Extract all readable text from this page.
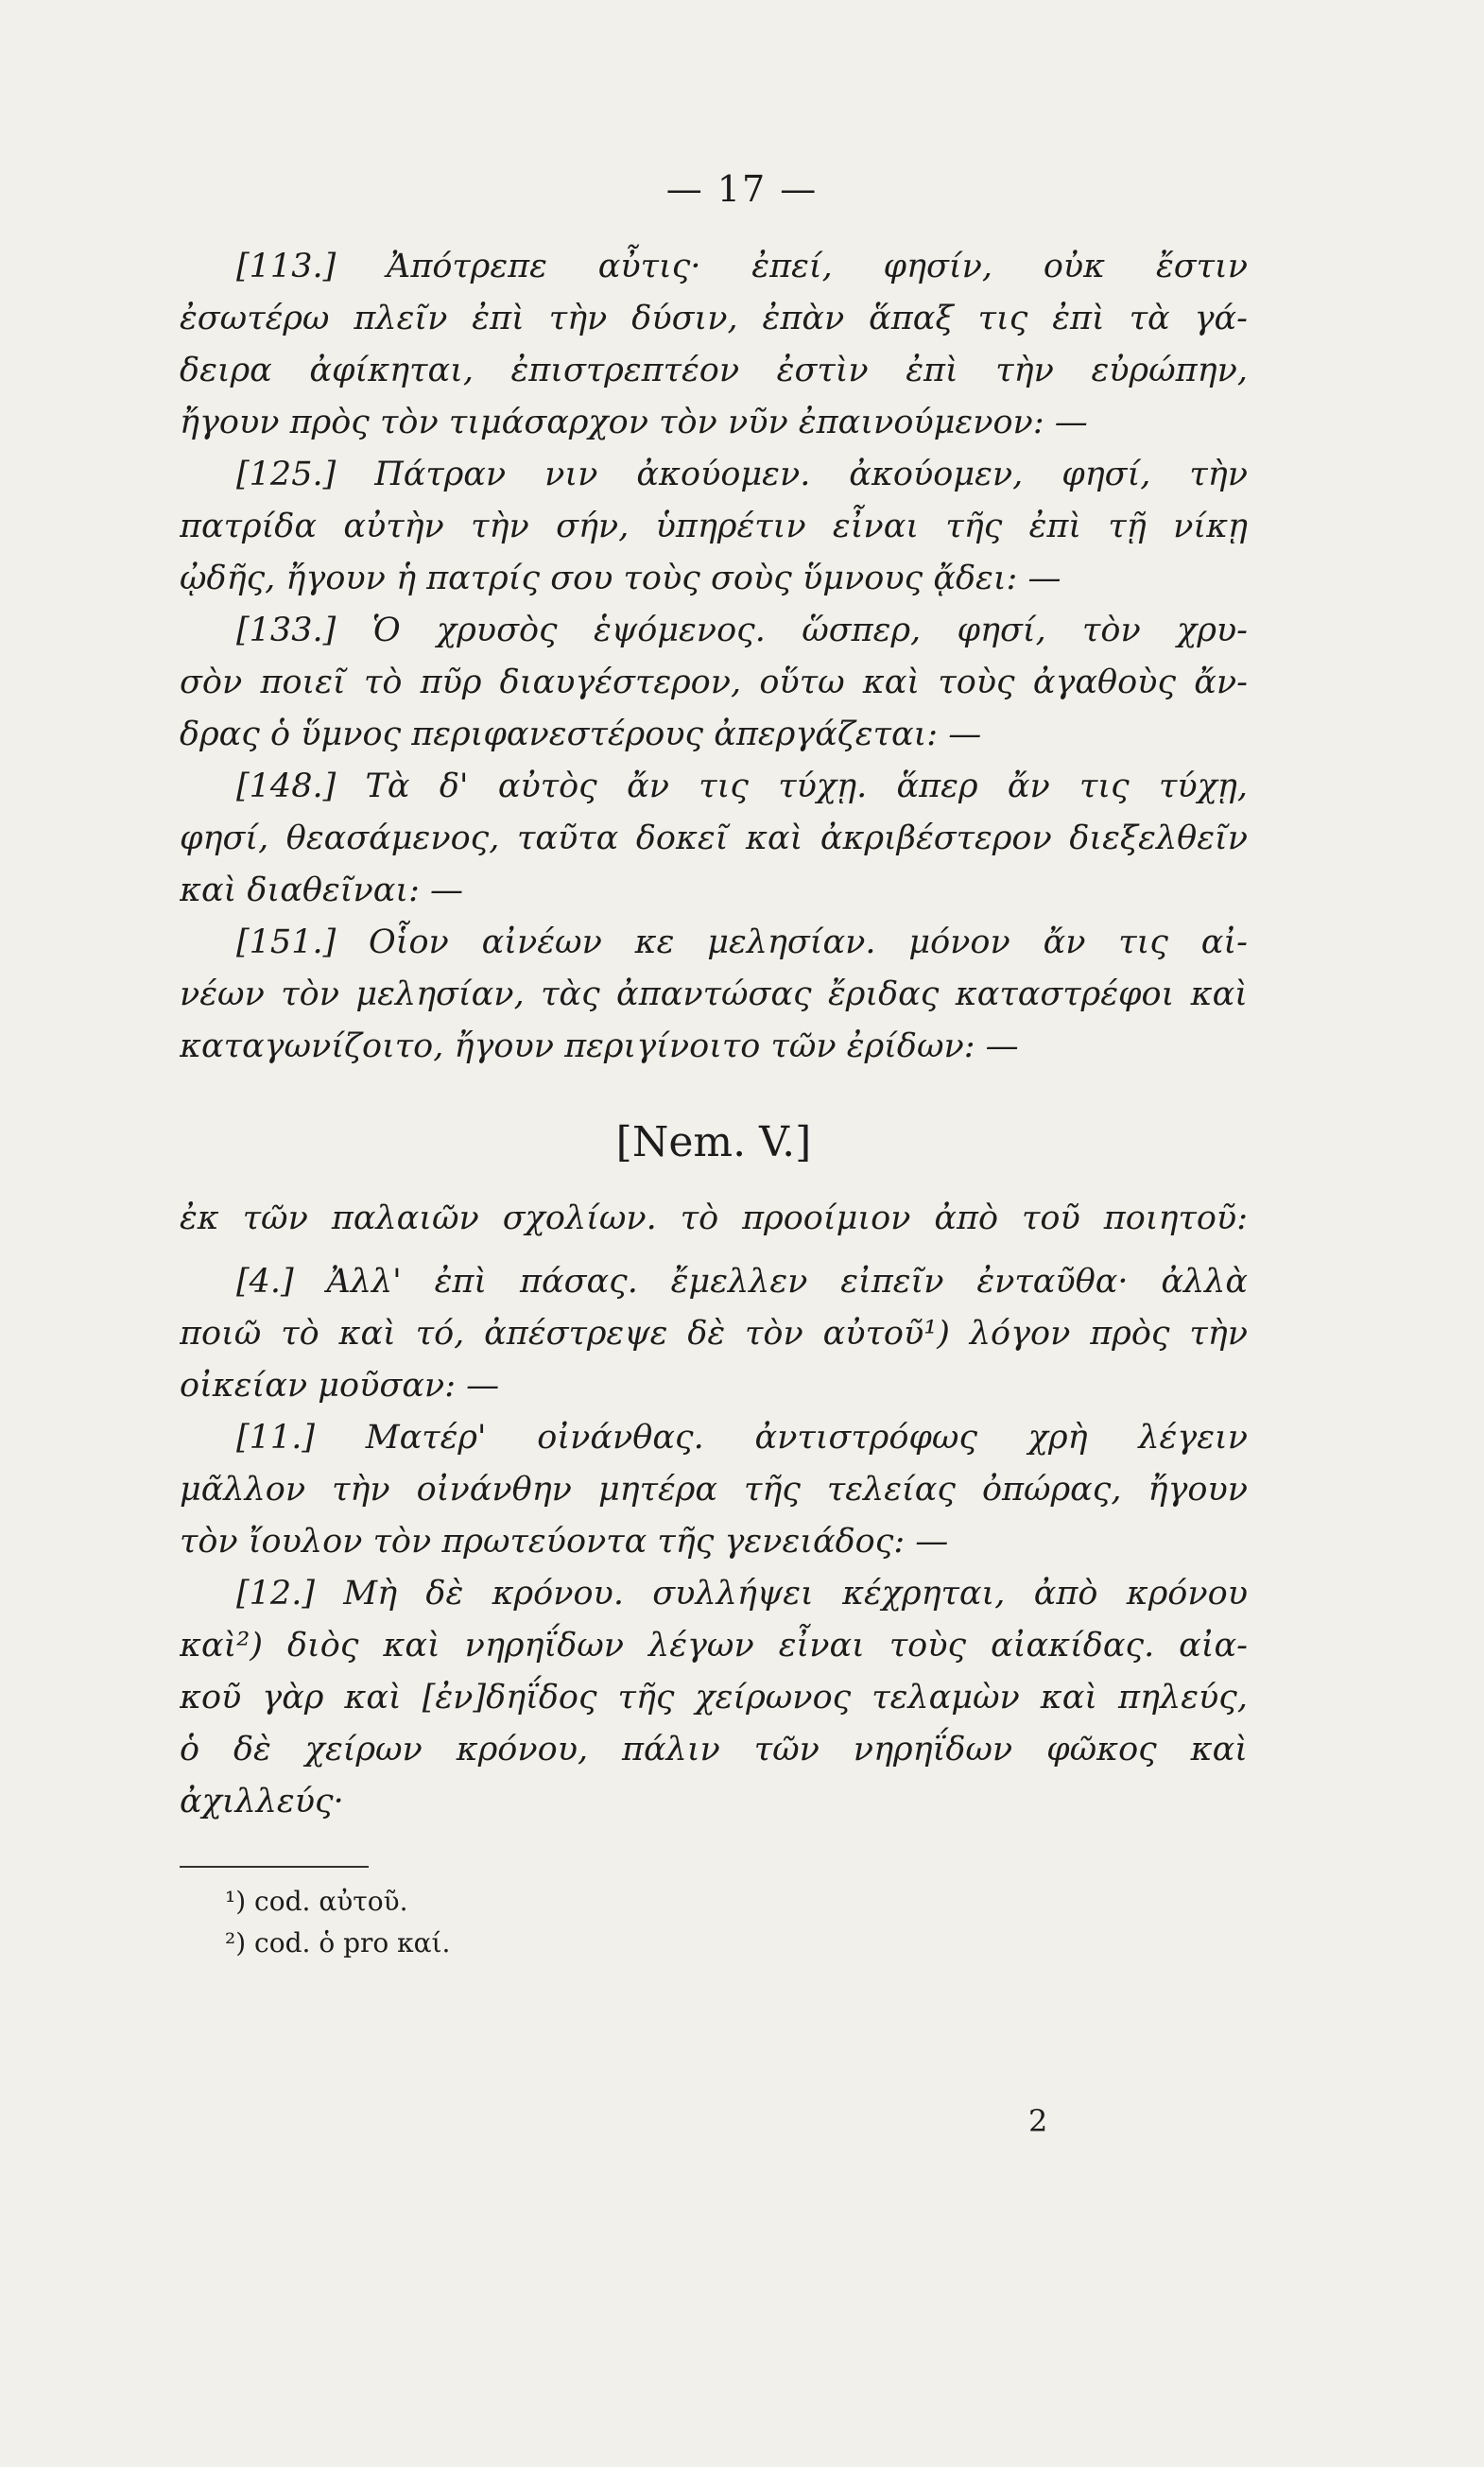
— 17 —
[113.] Ἀπότρεπε αὖτις· ἐπεί, φησίν, οὐκ ἔστιν
ἐσωτέρω πλεῖν ἐπὶ τὴν δύσιν, ἐπὰν ἅπαξ τις ἐπὶ τὰ γά-
δειρα ἀφίκηται, ἐπιστρεπτέον ἐστὶν ἐπὶ τὴν εὐρώπην,
ἤγουν πρὸς τὸν τιμάσαρχον τὸν νῦν ἐπαινούμενον: —
[125.] Πάτραν νιν ἀκούομεν. ἀκούομεν, φησί, τὴν
πατρίδα αὐτὴν τὴν σήν, ὑπηρέτιν εἶναι τῆς ἐπὶ τῇ νίκῃ
ᾠδῆς, ἤγουν ἡ πατρίς σου τοὺς σοὺς ὕμνους ᾄδει: —
[133.] Ὁ χρυσὸς ἑψόμενος. ὥσπερ, φησί, τὸν χρυ-
σὸν ποιεῖ τὸ πῦρ διαυγέστερον, οὕτω καὶ τοὺς ἀγαθοὺς ἄν-
δρας ὁ ὕμνος περιφανεστέρους ἀπεργάζεται: —
[148.] Τὰ δ' αὐτὸς ἄν τις τύχῃ. ἅπερ ἄν τις τύχῃ,
φησί, θεασάμενος, ταῦτα δοκεῖ καὶ ἀκριβέστερον διεξελθεῖν
καὶ διαθεῖναι: —
[151.] Οἷον αἰνέων κε μελησίαν. μόνον ἄν τις αἰ-
νέων τὸν μελησίαν, τὰς ἀπαντώσας ἔριδας καταστρέφοι καὶ
καταγωνίζοιτο, ἤγουν περιγίνοιτο τῶν ἐρίδων: —
[Nem. V.]
ἐκ τῶν παλαιῶν σχολίων. τὸ προοίμιον ἀπὸ τοῦ ποιητοῦ:
[4.] Ἀλλ' ἐπὶ πάσας. ἔμελλεν εἰπεῖν ἐνταῦθα· ἀλλὰ
ποιῶ τὸ καὶ τό, ἀπέστρεψε δὲ τὸν αὐτοῦ¹) λόγον πρὸς τὴν
οἰκείαν μοῦσαν: —
[11.] Ματέρ' οἰνάνθας. ἀντιστρόφως χρὴ λέγειν
μᾶλλον τὴν οἰνάνθην μητέρα τῆς τελείας ὀπώρας, ἤγουν
τὸν ἴουλον τὸν πρωτεύοντα τῆς γενειάδος: —
[12.] Μὴ δὲ κρόνου. συλλήψει κέχρηται, ἀπὸ κρόνου
καὶ²) διὸς καὶ νηρηΐδων λέγων εἶναι τοὺς αἰακίδας. αἰα-
κοῦ γὰρ καὶ [ἐν]δηΐδος τῆς χείρωνος τελαμὼν καὶ πηλεύς,
ὁ δὲ χείρων κρόνου, πάλιν τῶν νηρηΐδων φῶκος καὶ
ἀχιλλεύς·
¹) cod. αὐτοῦ.
²) cod. ὁ pro καί.
2
